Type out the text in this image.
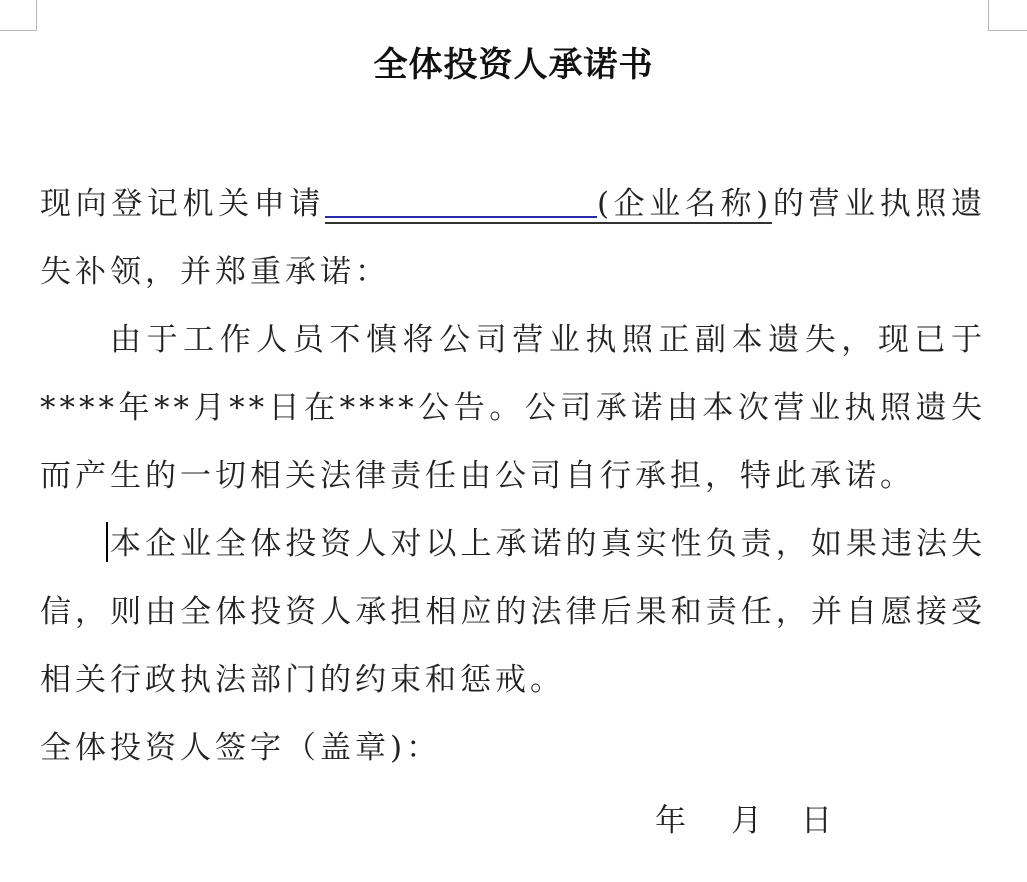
全体投资人承诺书

现向登记机关申请	(企业名称)的营业执照遗失补领，并郑重承诺：

由于工作人员不慎将公司营业执照正副本遗失，现已于****年**月**日在****公告。公司承诺由本次营业执照遗失而产生的一切相关法律责任由公司自行承担，特此承诺。

本企业全体投资人对以上承诺的真实性负责，如果违法失信，则由全体投资人承担相应的法律后果和责任，并自愿接受相关行政执法部门的约束和惩戒。

全体投资人签字（盖章)：

年 月 日
